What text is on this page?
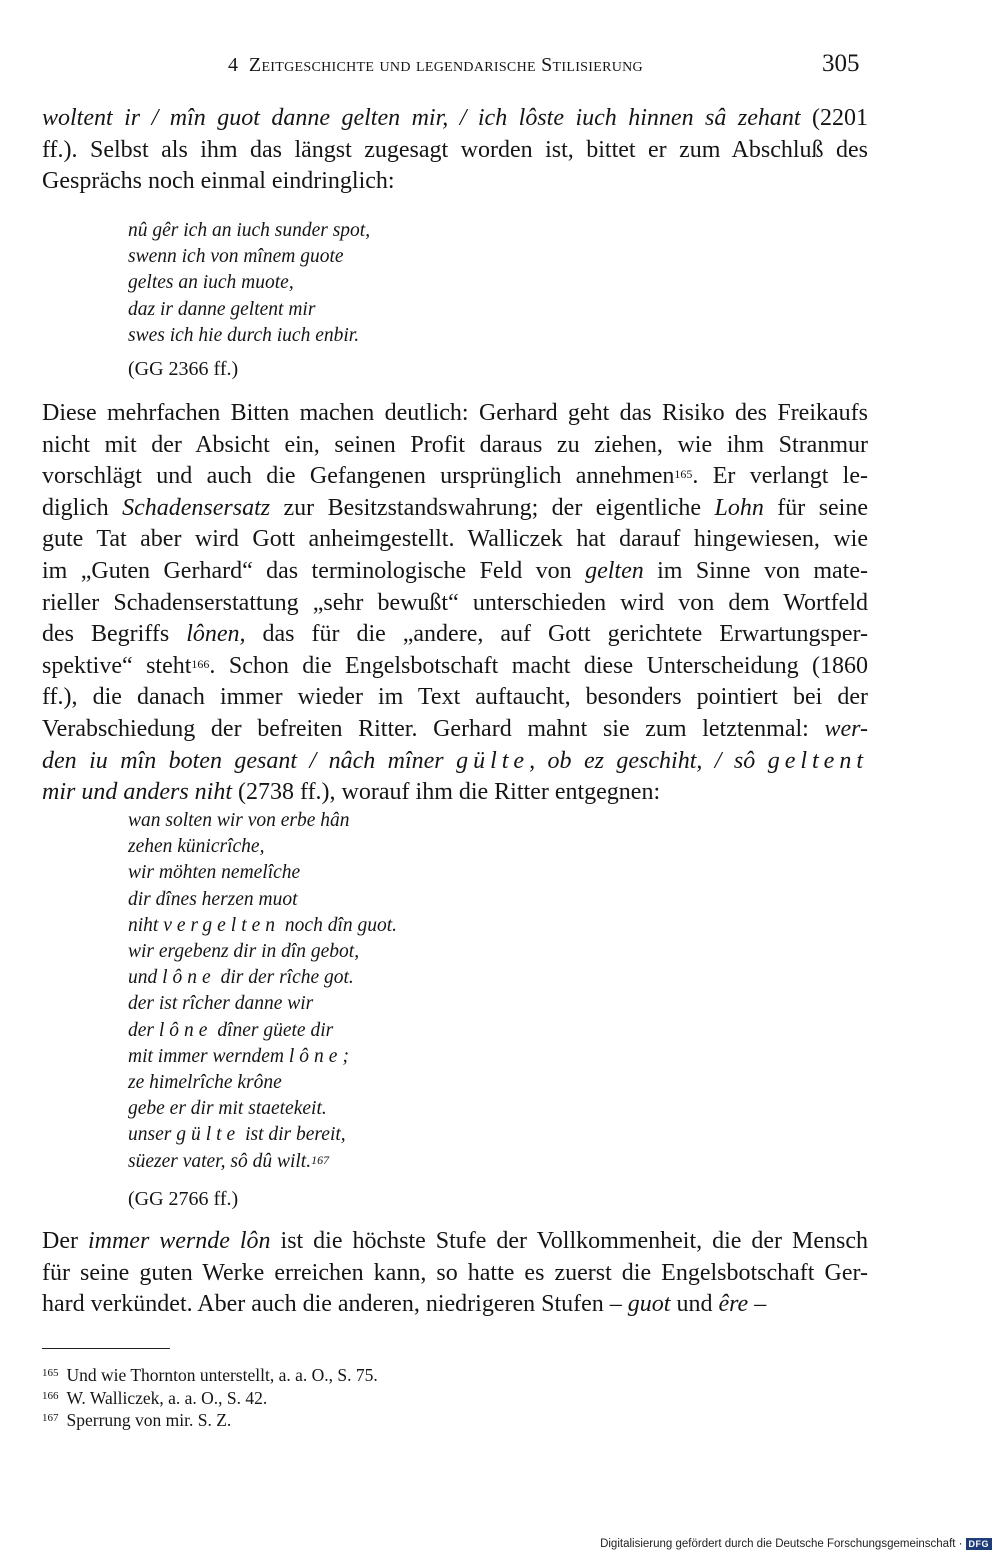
4 Zeitgeschichte und legendarische Stilisierung	305
woltent ir / mîn guot danne gelten mir, / ich lôste iuch hinnen sâ zehant (2201
ff.). Selbst als ihm das längst zugesagt worden ist, bittet er zum Abschluß des
Gesprächs noch einmal eindringlich:
nû gêr ich an iuch sunder spot,
swenn ich von mînem guote
geltes an iuch muote,
daz ir danne geltent mir
swes ich hie durch iuch enbir.
(GG 2366 ff.)
Diese mehrfachen Bitten machen deutlich: Gerhard geht das Risiko des Freikaufs
nicht mit der Absicht ein, seinen Profit daraus zu ziehen, wie ihm Stranmur
vorschlägt und auch die Gefangenen ursprünglich annehmen$^{165}$. Er verlangt le-
diglich Schadensersatz zur Besitzstandswahrung; der eigentliche Lohn für seine
gute Tat aber wird Gott anheimgestellt. Walliczek hat darauf hingewiesen, wie
im „Guten Gerhard“ das terminologische Feld von gelten im Sinne von mate-
rieller Schadenserstattung „sehr bewußt“ unterschieden wird von dem Wortfeld
des Begriffs lônen, das für die „andere, auf Gott gerichtete Erwartungsper-
spektive“ steht$^{166}$. Schon die Engelsbotschaft macht diese Unterscheidung (1860
ff.), die danach immer wieder im Text auftaucht, besonders pointiert bei der
Verabschiedung der befreiten Ritter. Gerhard mahnt sie zum letztenmal: wer-
den iu mîn boten gesant / nâch mîner gülte, ob ez geschiht, / sô geltent
mir und anders niht (2738 ff.), worauf ihm die Ritter entgegnen:
wan solten wir von erbe hân
zehen künicrîche,
wir möhten nemelîche
dir dînes herzen muot
niht vergelten noch dîn guot.
wir ergebenz dir in dîn gebot,
und lône dir der rîche got.
der ist rîcher danne wir
der lône dîner güete dir
mit immer werndem lône;
ze himelrîche krône
gebe er dir mit staetekeit.
unser gülte ist dir bereit,
süezer vater, sô dû wilt.$^{167}$
(GG 2766 ff.)
Der immer wernde lôn ist die höchste Stufe der Vollkommenheit, die der Mensch
für seine guten Werke erreichen kann, so hatte es zuerst die Engelsbotschaft Ger-
hard verkündet. Aber auch die anderen, niedrigeren Stufen – guot und êre –
$^{165}$ Und wie Thornton unterstellt, a. a. O., S. 75.
$^{166}$ W. Walliczek, a. a. O., S. 42.
$^{167}$ Sperrung von mir. S. Z.
Digitalisierung gefördert durch die Deutsche Forschungsgemeinschaft · DFG
